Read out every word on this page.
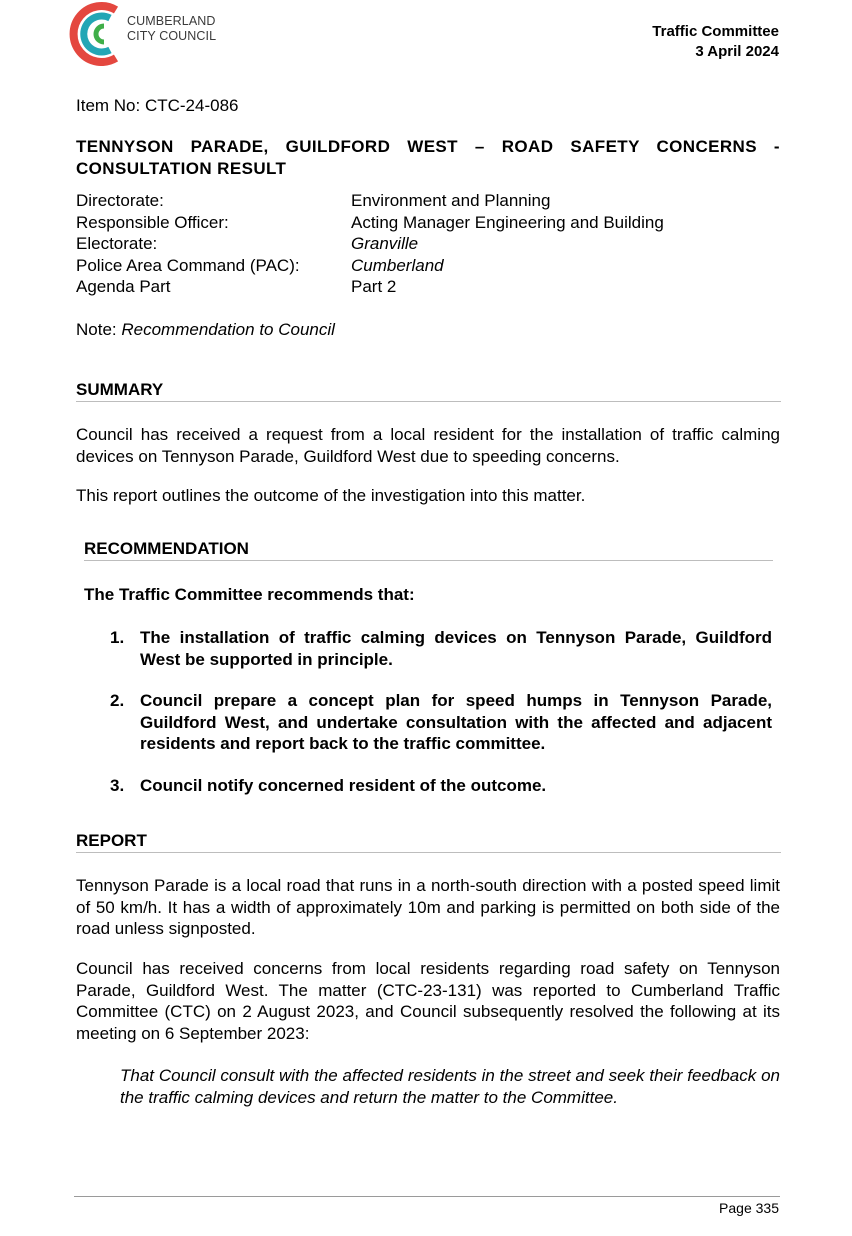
CUMBERLAND
CITY COUNCIL	Traffic Committee
3 April 2024
Item No: CTC-24-086
TENNYSON PARADE, GUILDFORD WEST – ROAD SAFETY CONCERNS - CONSULTATION RESULT
Directorate:	Environment and Planning
Responsible Officer:	Acting Manager Engineering and Building
Electorate:	Granville
Police Area Command (PAC):	Cumberland
Agenda Part	Part 2
Note: Recommendation to Council
SUMMARY
Council has received a request from a local resident for the installation of traffic calming devices on Tennyson Parade, Guildford West due to speeding concerns.
This report outlines the outcome of the investigation into this matter.
RECOMMENDATION
The Traffic Committee recommends that:
1. The installation of traffic calming devices on Tennyson Parade, Guildford West be supported in principle.
2. Council prepare a concept plan for speed humps in Tennyson Parade, Guildford West, and undertake consultation with the affected and adjacent residents and report back to the traffic committee.
3. Council notify concerned resident of the outcome.
REPORT
Tennyson Parade is a local road that runs in a north-south direction with a posted speed limit of 50 km/h. It has a width of approximately 10m and parking is permitted on both side of the road unless signposted.
Council has received concerns from local residents regarding road safety on Tennyson Parade, Guildford West. The matter (CTC-23-131) was reported to Cumberland Traffic Committee (CTC) on 2 August 2023, and Council subsequently resolved the following at its meeting on 6 September 2023:
That Council consult with the affected residents in the street and seek their feedback on the traffic calming devices and return the matter to the Committee.
Page 335
